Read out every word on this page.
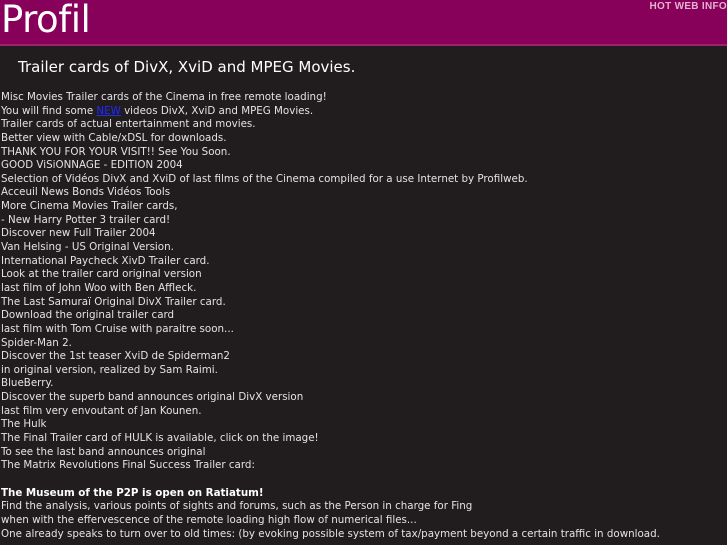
Profil	HOT WEB INFO
Trailer cards of DivX, XviD and MPEG Movies.
Misc Movies Trailer cards of the Cinema in free remote loading!
You will find some NEW videos DivX, XviD and MPEG Movies.
Trailer cards of actual entertainment and movies.
Better view with Cable/xDSL for downloads.
THANK YOU FOR YOUR VISIT!! See You Soon.
GOOD ViSiONNAGE - EDITION 2004
Selection of Vidéos DivX and XviD of last films of the Cinema compiled for a use Internet by Profilweb.
Acceuil News Bonds Vidéos Tools
More Cinema Movies Trailer cards,
- New Harry Potter 3 trailer card!
Discover new Full Trailer 2004
Van Helsing - US Original Version.
International Paycheck XivD Trailer card.
Look at the trailer card original version
last film of John Woo with Ben Affleck.
The Last Samuraï Original DivX Trailer card.
Download the original trailer card
last film with Tom Cruise with paraitre soon...
Spider-Man 2.
Discover the 1st teaser XviD de Spiderman2
in original version, realized by Sam Raimi.
BlueBerry.
Discover the superb band announces original DivX version
last film very envoutant of Jan Kounen.
The Hulk
The Final Trailer card of HULK is available, click on the image!
To see the last band announces original
The Matrix Revolutions Final Success Trailer card:
The Museum of the P2P is open on Ratiatum!
Find the analysis, various points of sights and forums, such as the Person in charge for Fing
when with the effervescence of the remote loading high flow of numerical files...
One already speaks to turn over to old times: (by evoking possible system of tax/payment beyond a certain traffic in download.
